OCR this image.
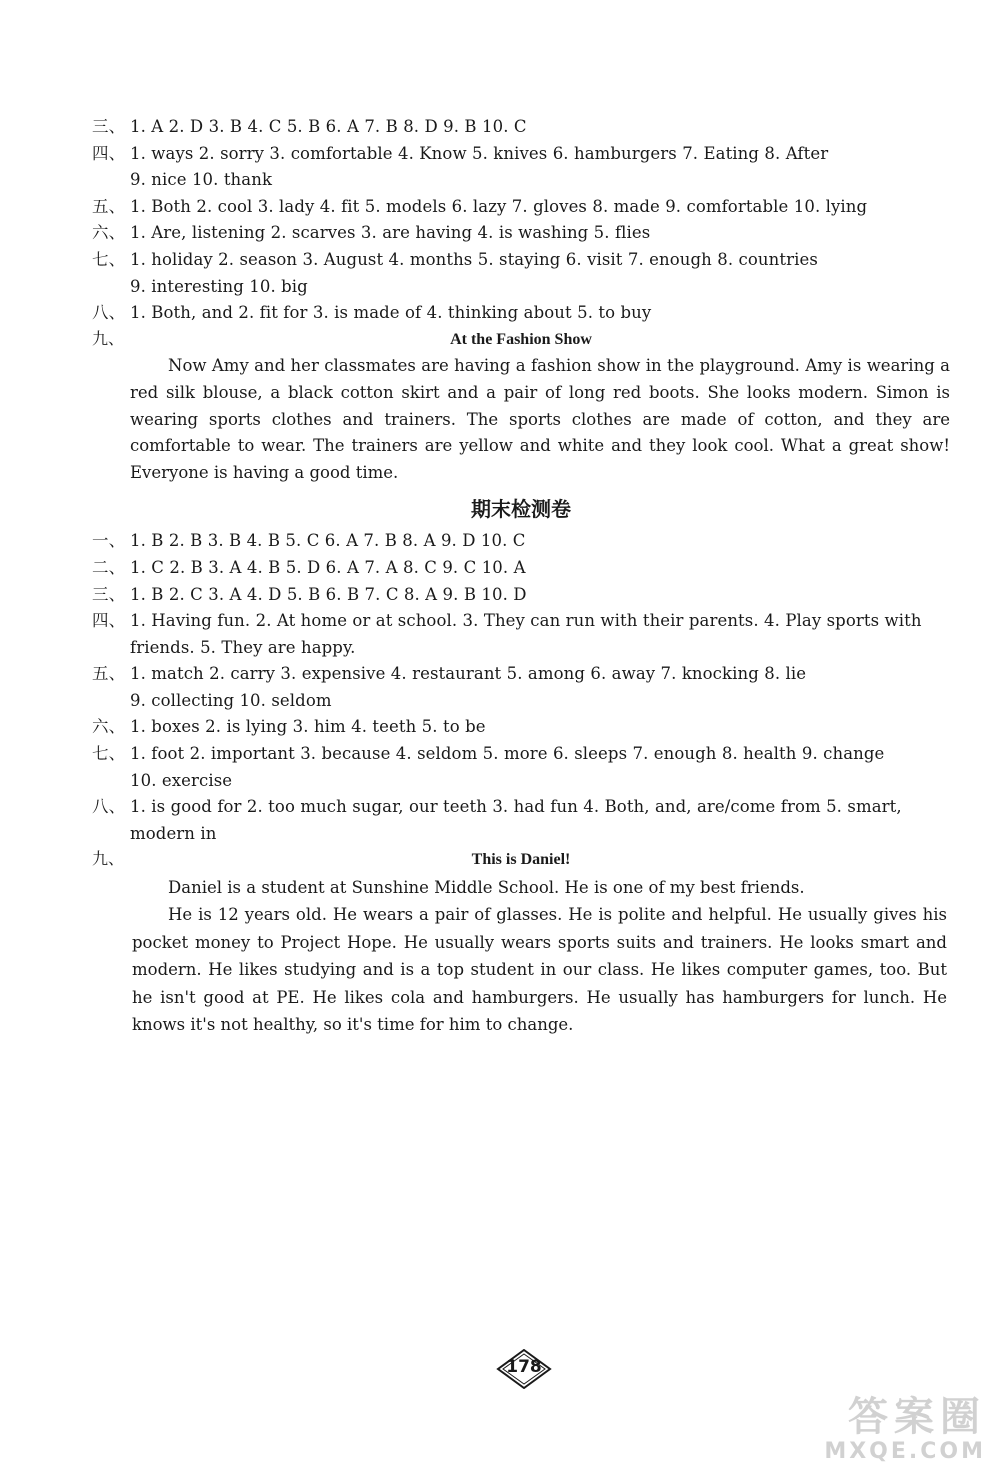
三、 1. A 2. D 3. B 4. C 5. B 6. A 7. B 8. D 9. B 10. C
四、 1. ways 2. sorry 3. comfortable 4. Know 5. knives 6. hamburgers 7. Eating 8. After
9. nice 10. thank
五、 1. Both 2. cool 3. lady 4. fit 5. models 6. lazy 7. gloves 8. made 9. comfortable 10. lying
六、 1. Are, listening 2. scarves 3. are having 4. is washing 5. flies
七、 1. holiday 2. season 3. August 4. months 5. staying 6. visit 7. enough 8. countries
9. interesting 10. big
八、 1. Both, and 2. fit for 3. is made of 4. thinking about 5. to buy
九、	At the Fashion Show
Now Amy and her classmates are having a fashion show in the playground. Amy is wearing a red silk blouse, a black cotton skirt and a pair of long red boots. She looks modern. Simon is wearing sports clothes and trainers. The sports clothes are made of cotton, and they are comfortable to wear. The trainers are yellow and white and they look cool. What a great show! Everyone is having a good time.
期末检测卷
一、 1. B 2. B 3. B 4. B 5. C 6. A 7. B 8. A 9. D 10. C
二、 1. C 2. B 3. A 4. B 5. D 6. A 7. A 8. C 9. C 10. A
三、 1. B 2. C 3. A 4. D 5. B 6. B 7. C 8. A 9. B 10. D
四、 1. Having fun. 2. At home or at school. 3. They can run with their parents. 4. Play sports with
friends. 5. They are happy.
五、 1. match 2. carry 3. expensive 4. restaurant 5. among 6. away 7. knocking 8. lie
9. collecting 10. seldom
六、 1. boxes 2. is lying 3. him 4. teeth 5. to be
七、 1. foot 2. important 3. because 4. seldom 5. more 6. sleeps 7. enough 8. health 9. change
10. exercise
八、 1. is good for 2. too much sugar, our teeth 3. had fun 4. Both, and, are/come from 5. smart,
modern in
九、	This is Daniel!
Daniel is a student at Sunshine Middle School. He is one of my best friends.
He is 12 years old. He wears a pair of glasses. He is polite and helpful. He usually gives his pocket money to Project Hope. He usually wears sports suits and trainers. He looks smart and modern. He likes studying and is a top student in our class. He likes computer games, too. But he isn't good at PE. He likes cola and hamburgers. He usually has hamburgers for lunch. He knows it's not healthy, so it's time for him to change.
178
答案圈
MXQE.COM
